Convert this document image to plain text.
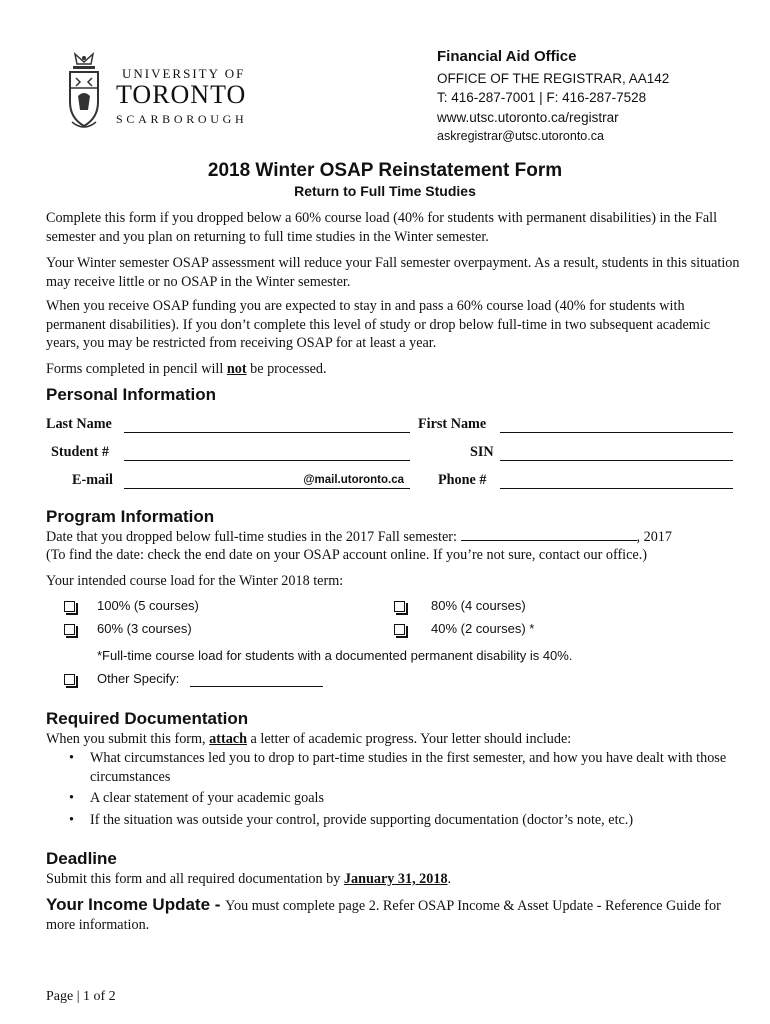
UNIVERSITY OF
TORONTO
SCARBOROUGH
Financial Aid Office
OFFICE OF THE REGISTRAR, AA142
T: 416-287-7001 | F: 416-287-7528
www.utsc.utoronto.ca/registrar
askregistrar@utsc.utoronto.ca
2018 Winter OSAP Reinstatement Form
Return to Full Time Studies
Complete this form if you dropped below a 60% course load (40% for students with permanent disabilities) in the Fall semester and you plan on returning to full time studies in the Winter semester.
Your Winter semester OSAP assessment will reduce your Fall semester overpayment. As a result, students in this situation may receive little or no OSAP in the Winter semester.
When you receive OSAP funding you are expected to stay in and pass a 60% course load (40% for students with permanent disabilities). If you don’t complete this level of study or drop below full-time in two subsequent academic years, you may be restricted from receiving OSAP for at least a year.
Forms completed in pencil will not be processed.
Personal Information
Last Name	First Name
Student #	SIN
E-mail	@mail.utoronto.ca Phone #
Program Information
Date that you dropped below full-time studies in the 2017 Fall semester:	, 2017
(To find the date: check the end date on your OSAP account online. If you’re not sure, contact our office.)
Your intended course load for the Winter 2018 term:
100% (5 courses)	80% (4 courses)
60% (3 courses)	40% (2 courses) *
*Full-time course load for students with a documented permanent disability is 40%.
Other Specify:
Required Documentation
When you submit this form, attach a letter of academic progress. Your letter should include:
• What circumstances led you to drop to part-time studies in the first semester, and how you have dealt with those circumstances
• A clear statement of your academic goals
• If the situation was outside your control, provide supporting documentation (doctor’s note, etc.)
Deadline
Submit this form and all required documentation by January 31, 2018.
Your Income Update - You must complete page 2. Refer OSAP Income & Asset Update - Reference Guide for more information.
Page | 1 of 2
